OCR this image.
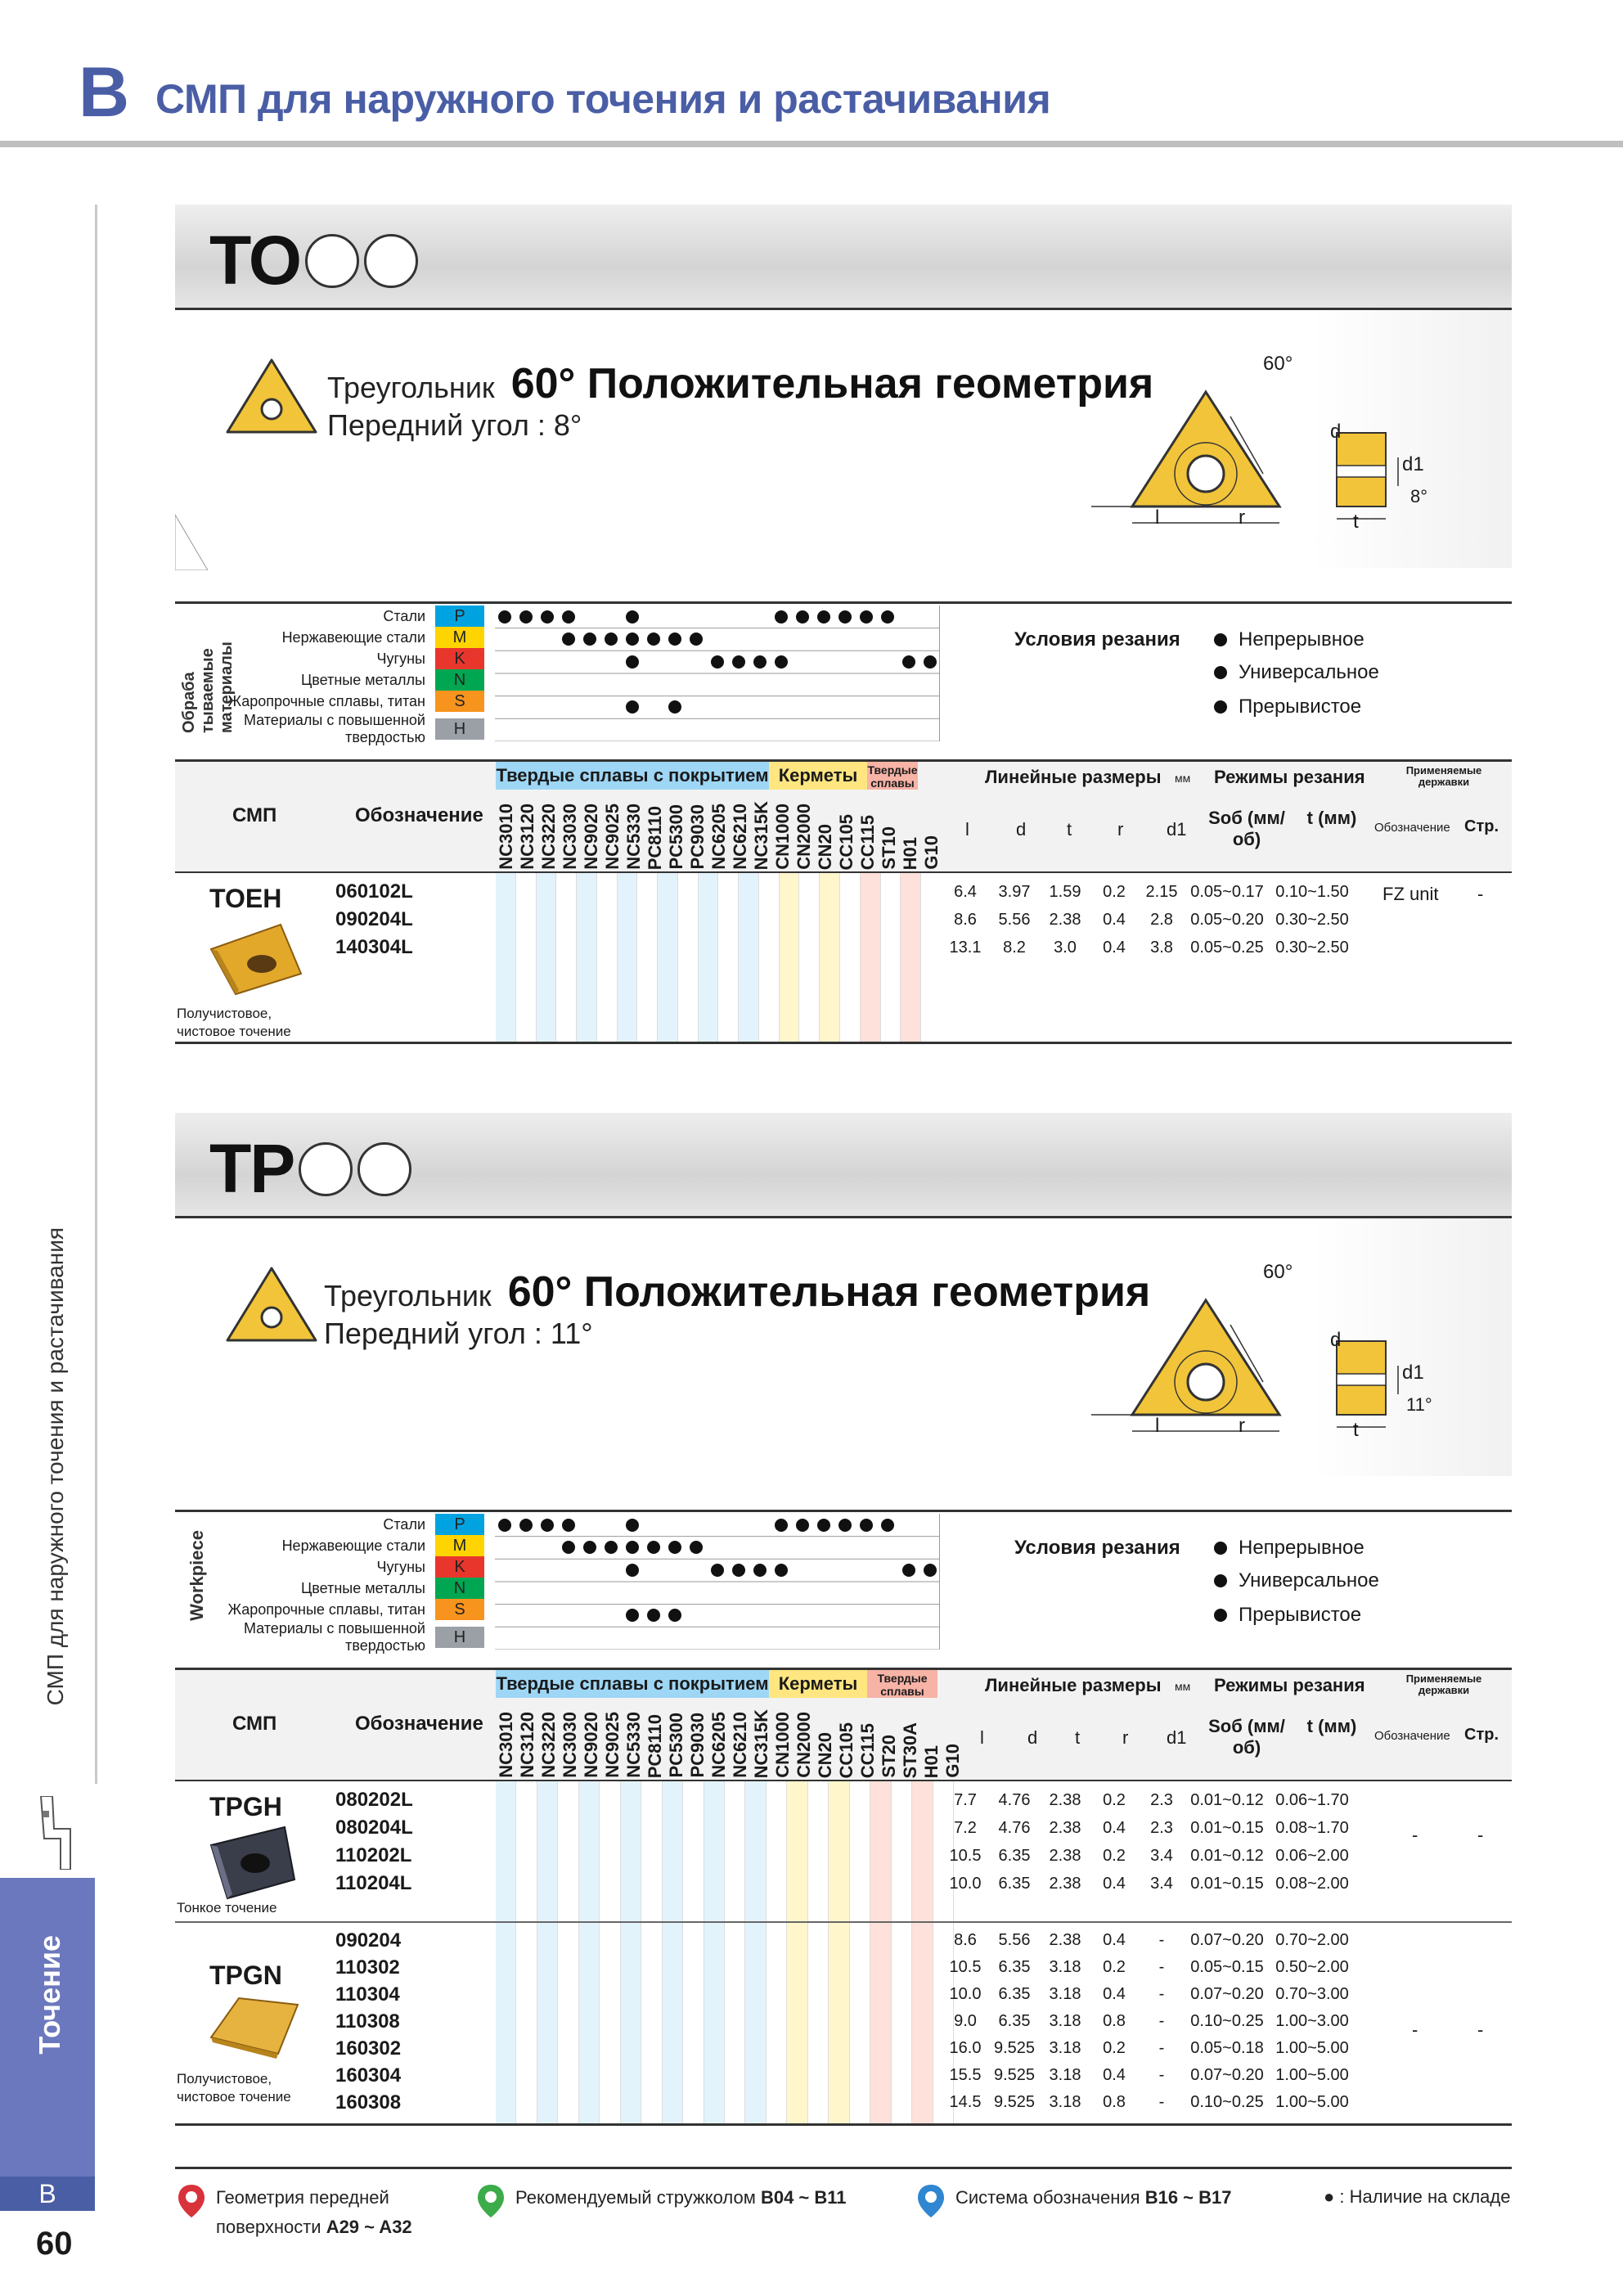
B СМП для наружного точения и растачивания
СМП для наружного точения и растачивания
Точение
B
60
TO
Треугольник 60° Положительная геометрия
Передний угол : 8°
60°
d
r
l
d1
t
8°
Обраба тываемые материалы
Стали	P
Нержавеющие стали	M
Чугуны	K
Цветные металлы	N
Жаропрочные сплавы, титан	S
Материалы с повышенной твердостью	H
Условия резания	Непрерывное
Универсальное
Прерывистое
СМП	Обозначение
Твердые сплавы с покрытием Керметы Твердые сплавы	Линейные размеры мм Режимы резания	Применяемые державки
l	d t	r d1
Sоб (мм/об)
t (мм)	Обозначение Стр.
NC3010 NC3120 NC3220 NC3030 NC9020 NC9025 NC5330 PC8110 PC5300 PC9030 NC6205 NC6210 NC315K CN1000 CN2000 CN20 CC105 CC115 ST10 H01 G10
TOEH
Получистовое, чистовое точение
060102L	6.4	3.97	1.59	0.2	2.15 0.05~0.17 0.10~1.50
090204L	8.6	5.56	2.38	0.4	2.8	0.05~0.20 0.30~2.50
140304L	13.1	8.2	3.0	0.4	3.8	0.05~0.25 0.30~2.50
FZ unit -
TP
Треугольник 60° Положительная геометрия
Передний угол : 11°
60°
d
r
l
d1
t
11°
Workpiece
Стали	P
Нержавеющие стали	M
Чугуны	K
Цветные металлы	N
Жаропрочные сплавы, титан	S
Материалы с повышенной твердостью	H
Условия резания	Непрерывное
Универсальное
Прерывистое
СМП	Обозначение
Твердые сплавы с покрытием Керметы	Твердые сплавы	Линейные размеры мм Режимы резания	Применяемые державки
l d t r d1
Sоб (мм/об)
t (мм)	Обозначение Стр.
NC3010 NC3120 NC3220 NC3030 NC9020 NC9025 NC5330 PC8110 PC5300 PC9030 NC6205 NC6210 NC315K CN1000 CN2000 CN20 CC105 CC115 ST20 ST30A H01 G10
TPGH
Тонкое точение
080202L	7.7	4.76	2.38	0.2	2.3	0.01~0.12 0.06~1.70
080204L	7.2	4.76	2.38	0.4	2.3	0.01~0.15 0.08~1.70
110202L	10.5	6.35	2.38	0.2	3.4	0.01~0.12 0.06~2.00
110204L	10.0	6.35	2.38	0.4	3.4	0.01~0.15 0.08~2.00
-	-
TPGN
Получистовое, чистовое точение
090204	8.6	5.56	2.38	0.4	-	0.07~0.20 0.70~2.00
110302	10.5	6.35	3.18	0.2	-	0.05~0.15 0.50~2.00
110304	10.0	6.35	3.18	0.4	-	0.07~0.20 0.70~3.00
110308	9.0	6.35	3.18	0.8	-	0.10~0.25 1.00~3.00
160302	16.0 9.525 3.18	0.2	-	0.05~0.18 1.00~5.00
160304	15.5 9.525 3.18	0.4	-	0.07~0.20 1.00~5.00
160308	14.5 9.525 3.18	0.8	-	0.10~0.25 1.00~5.00
-	-
Геометрия передней поверхности A29 ~ A32
Рекомендуемый стружколом B04 ~ B11	Система обозначения B16 ~ B17	● : Наличие на складе
